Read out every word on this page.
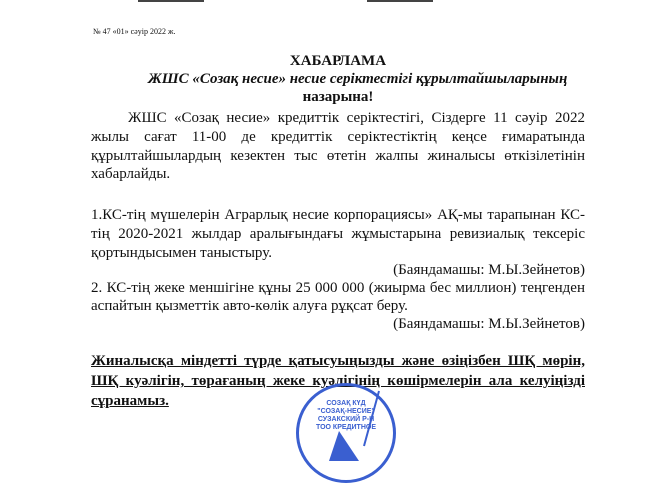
№ 47 «01» сәуір 2022 ж.
ХАБАРЛАМА
ЖШС «Созақ несие» несие серіктестігі құрылтайшыларының
назарына!
ЖШС «Созақ несие» кредиттік серіктестігі, Сіздерге 11 сәуір 2022
жылы сағат 11-00 де кредиттік серіктестіктің кеңсе ғимаратында
құрылтайшылардың кезектен тыс өтетін жалпы жиналысы өткізілетінін
хабарлайды.
1.КС-тің мүшелерін Аграрлық несие корпорациясы» АҚ-мы тарапынан КС-
тің 2020-2021 жылдар аралығындағы жұмыстарына ревизиалық тексеріс
қортындысымен таныстыру.
(Баяндамашы: М.Ы.Зейнетов)
2. КС-тің жеке меншігіне құны 25 000 000 (жиырма бес миллион) теңгенден
аспайтын қызметтік авто-көлік алуға рұқсат беру.
(Баяндамашы: М.Ы.Зейнетов)
Жиналысқа міндетті түрде қатысуыңызды және өзіңізбен ШҚ мөрін,
ШҚ куәлігін, төрағаның жеке куәлігінің көшірмелерін ала келуіңізді
сұранамыз.	СОЗАҚ КҮД "СОЗАҚ-НЕСИЕ" СУЗАКСКИЙ Р-Н ТОО КРЕДИТНОЕ
